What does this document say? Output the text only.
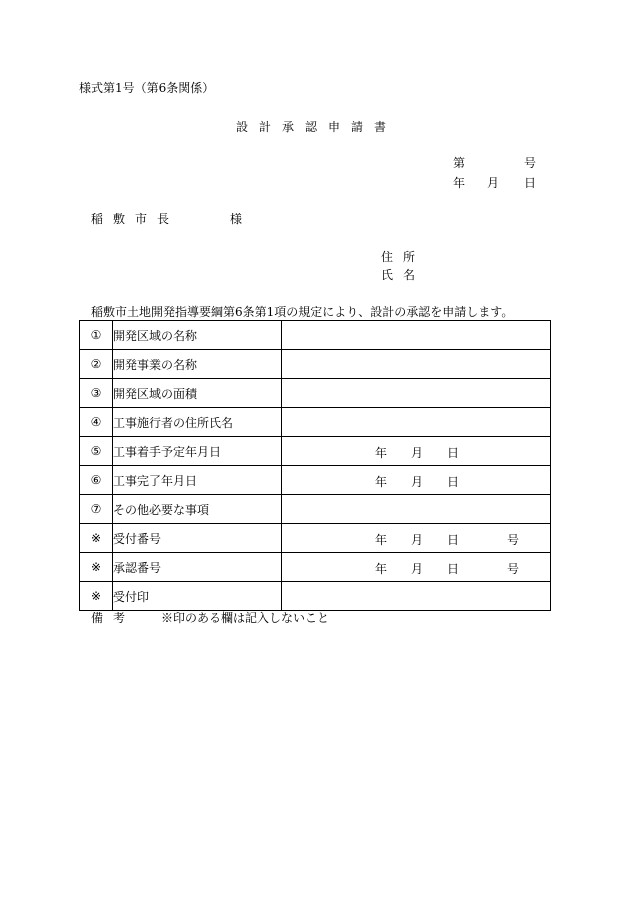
様式第1号（第6条関係）
設計承認申請書
第	号
年 月 日
稲敷市長	様
住所
氏名
稲敷市土地開発指導要綱第6条第1項の規定により、設計の承認を申請します。
①	開発区域の名称	

②	開発事業の名称	

③	開発区域の面積	

④	工事施行者の住所氏名	

⑤	工事着手予定年月日	年 月 日

⑥	工事完了年月日	年 月 日

⑦	その他必要な事項	

※	受付番号	年 月 日 号

※	承認番号	年 月 日 号

※	受付印	
備考 ※印のある欄は記入しないこと
